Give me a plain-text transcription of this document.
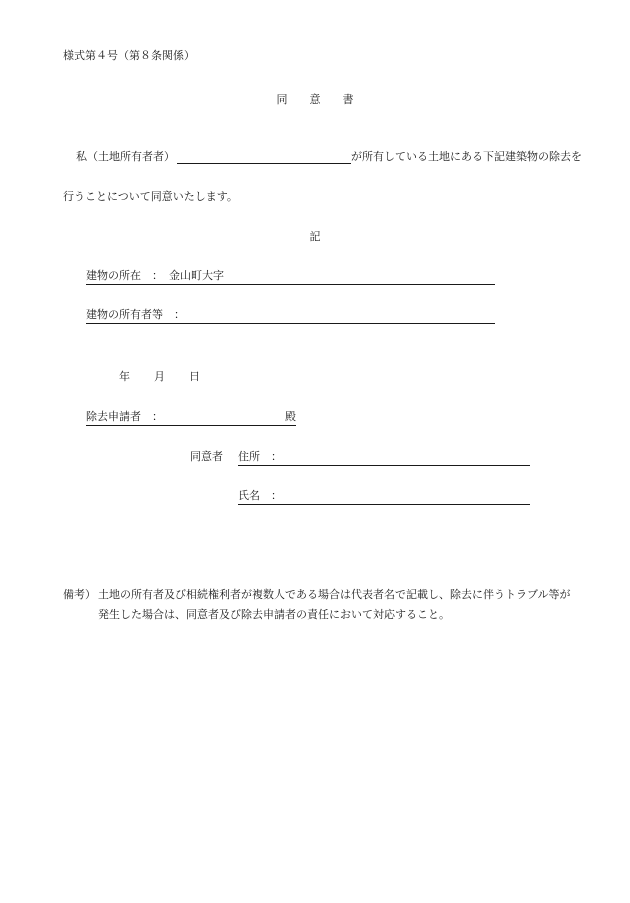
様式第４号（第８条関係）
同意書
私（土地所有者者）	が所有している土地にある下記建築物の除去を
行うことについて同意いたします。
記
建物の所在　： 金山町大字
建物の所有者等　：
年 月 日
除去申請者　：	殿
同意者 住所　：
氏名　：
備考） 土地の所有者及び相続権利者が複数人である場合は代表者名で記載し、除去に伴うトラブル等が
発生した場合は、同意者及び除去申請者の責任において対応すること。
